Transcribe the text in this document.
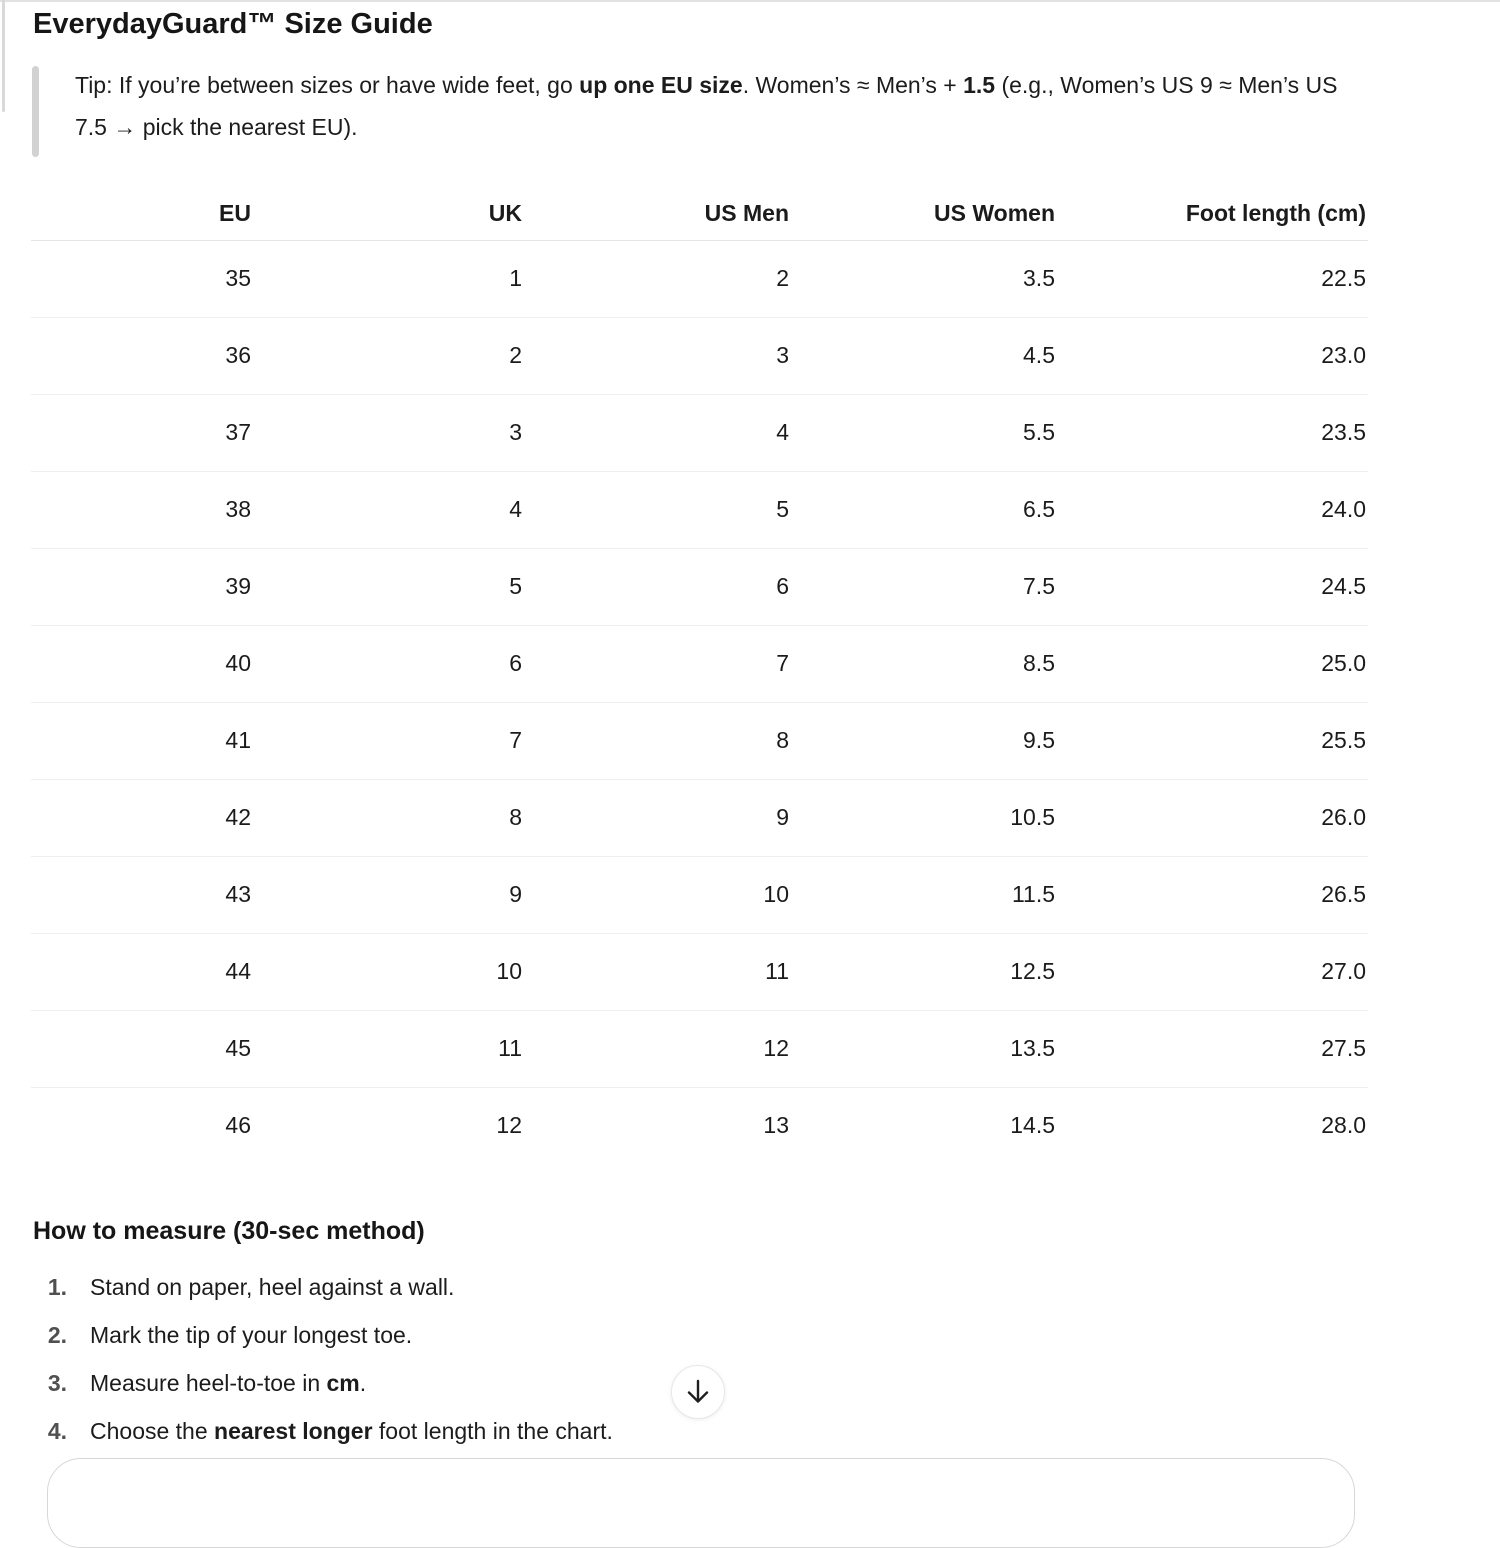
EverydayGuard™ Size Guide

Tip: If you’re between sizes or have wide feet, go up one EU size. Women’s ≈ Men’s + 1.5 (e.g., Women’s US 9 ≈ Men’s US 7.5 → pick the nearest EU).

EU	UK	US Men	US Women	Foot length (cm)
35	1	2	3.5	22.5
36	2	3	4.5	23.0
37	3	4	5.5	23.5
38	4	5	6.5	24.0
39	5	6	7.5	24.5
40	6	7	8.5	25.0
41	7	8	9.5	25.5
42	8	9	10.5	26.0
43	9	10	11.5	26.5
44	10	11	12.5	27.0
45	11	12	13.5	27.5
46	12	13	14.5	28.0
How to measure (30-sec method)
1. Stand on paper, heel against a wall.
2. Mark the tip of your longest toe.
3. Measure heel-to-toe in cm .
4. Choose the nearest longer foot length in the chart.
